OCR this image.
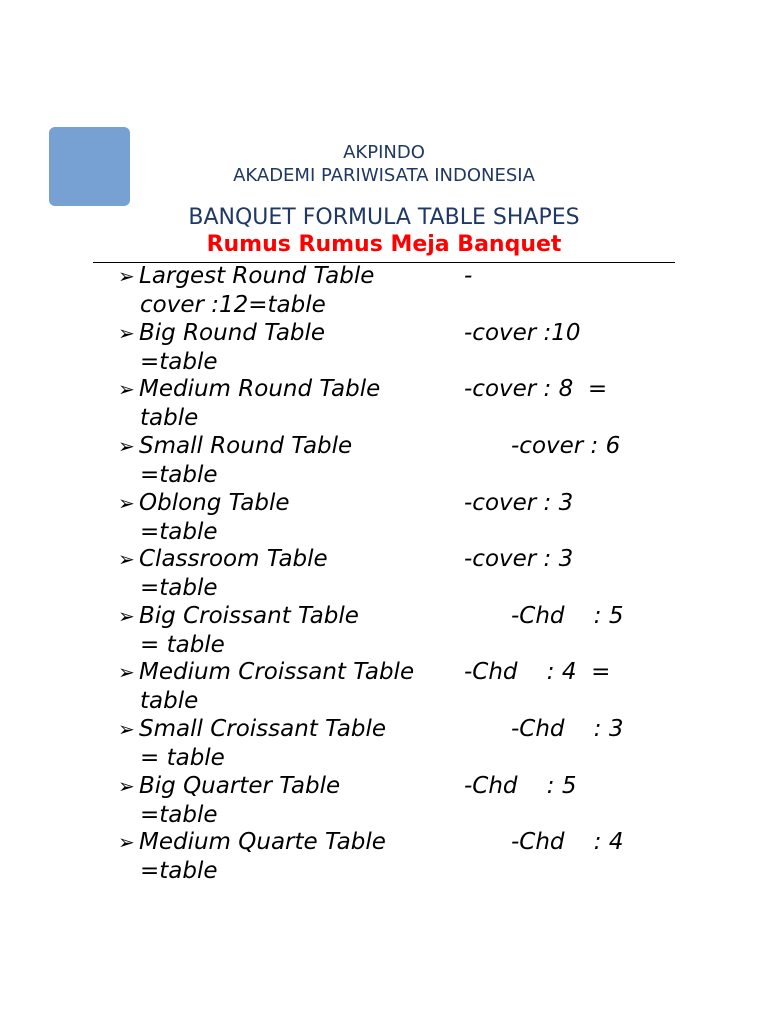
AKPINDO
AKADEMI PARIWISATA INDONESIA
BANQUET FORMULA TABLE SHAPES
Rumus Rumus Meja Banquet
➢ Largest Round Table	-
cover :12=table
➢ Big Round Table	-cover :10
=table
➢ Medium Round Table	-cover : 8  =
table
➢ Small Round Table	-cover : 6
=table
➢ Oblong Table	-cover : 3
=table
➢ Classroom Table	-cover : 3
=table
➢ Big Croissant Table	-Chd    : 5
= table
➢ Medium Croissant Table -Chd    : 4  =
table
➢ Small Croissant Table	-Chd    : 3
= table
➢ Big Quarter Table	-Chd    : 5
=table
➢ Medium Quarte Table	-Chd    : 4
=table
